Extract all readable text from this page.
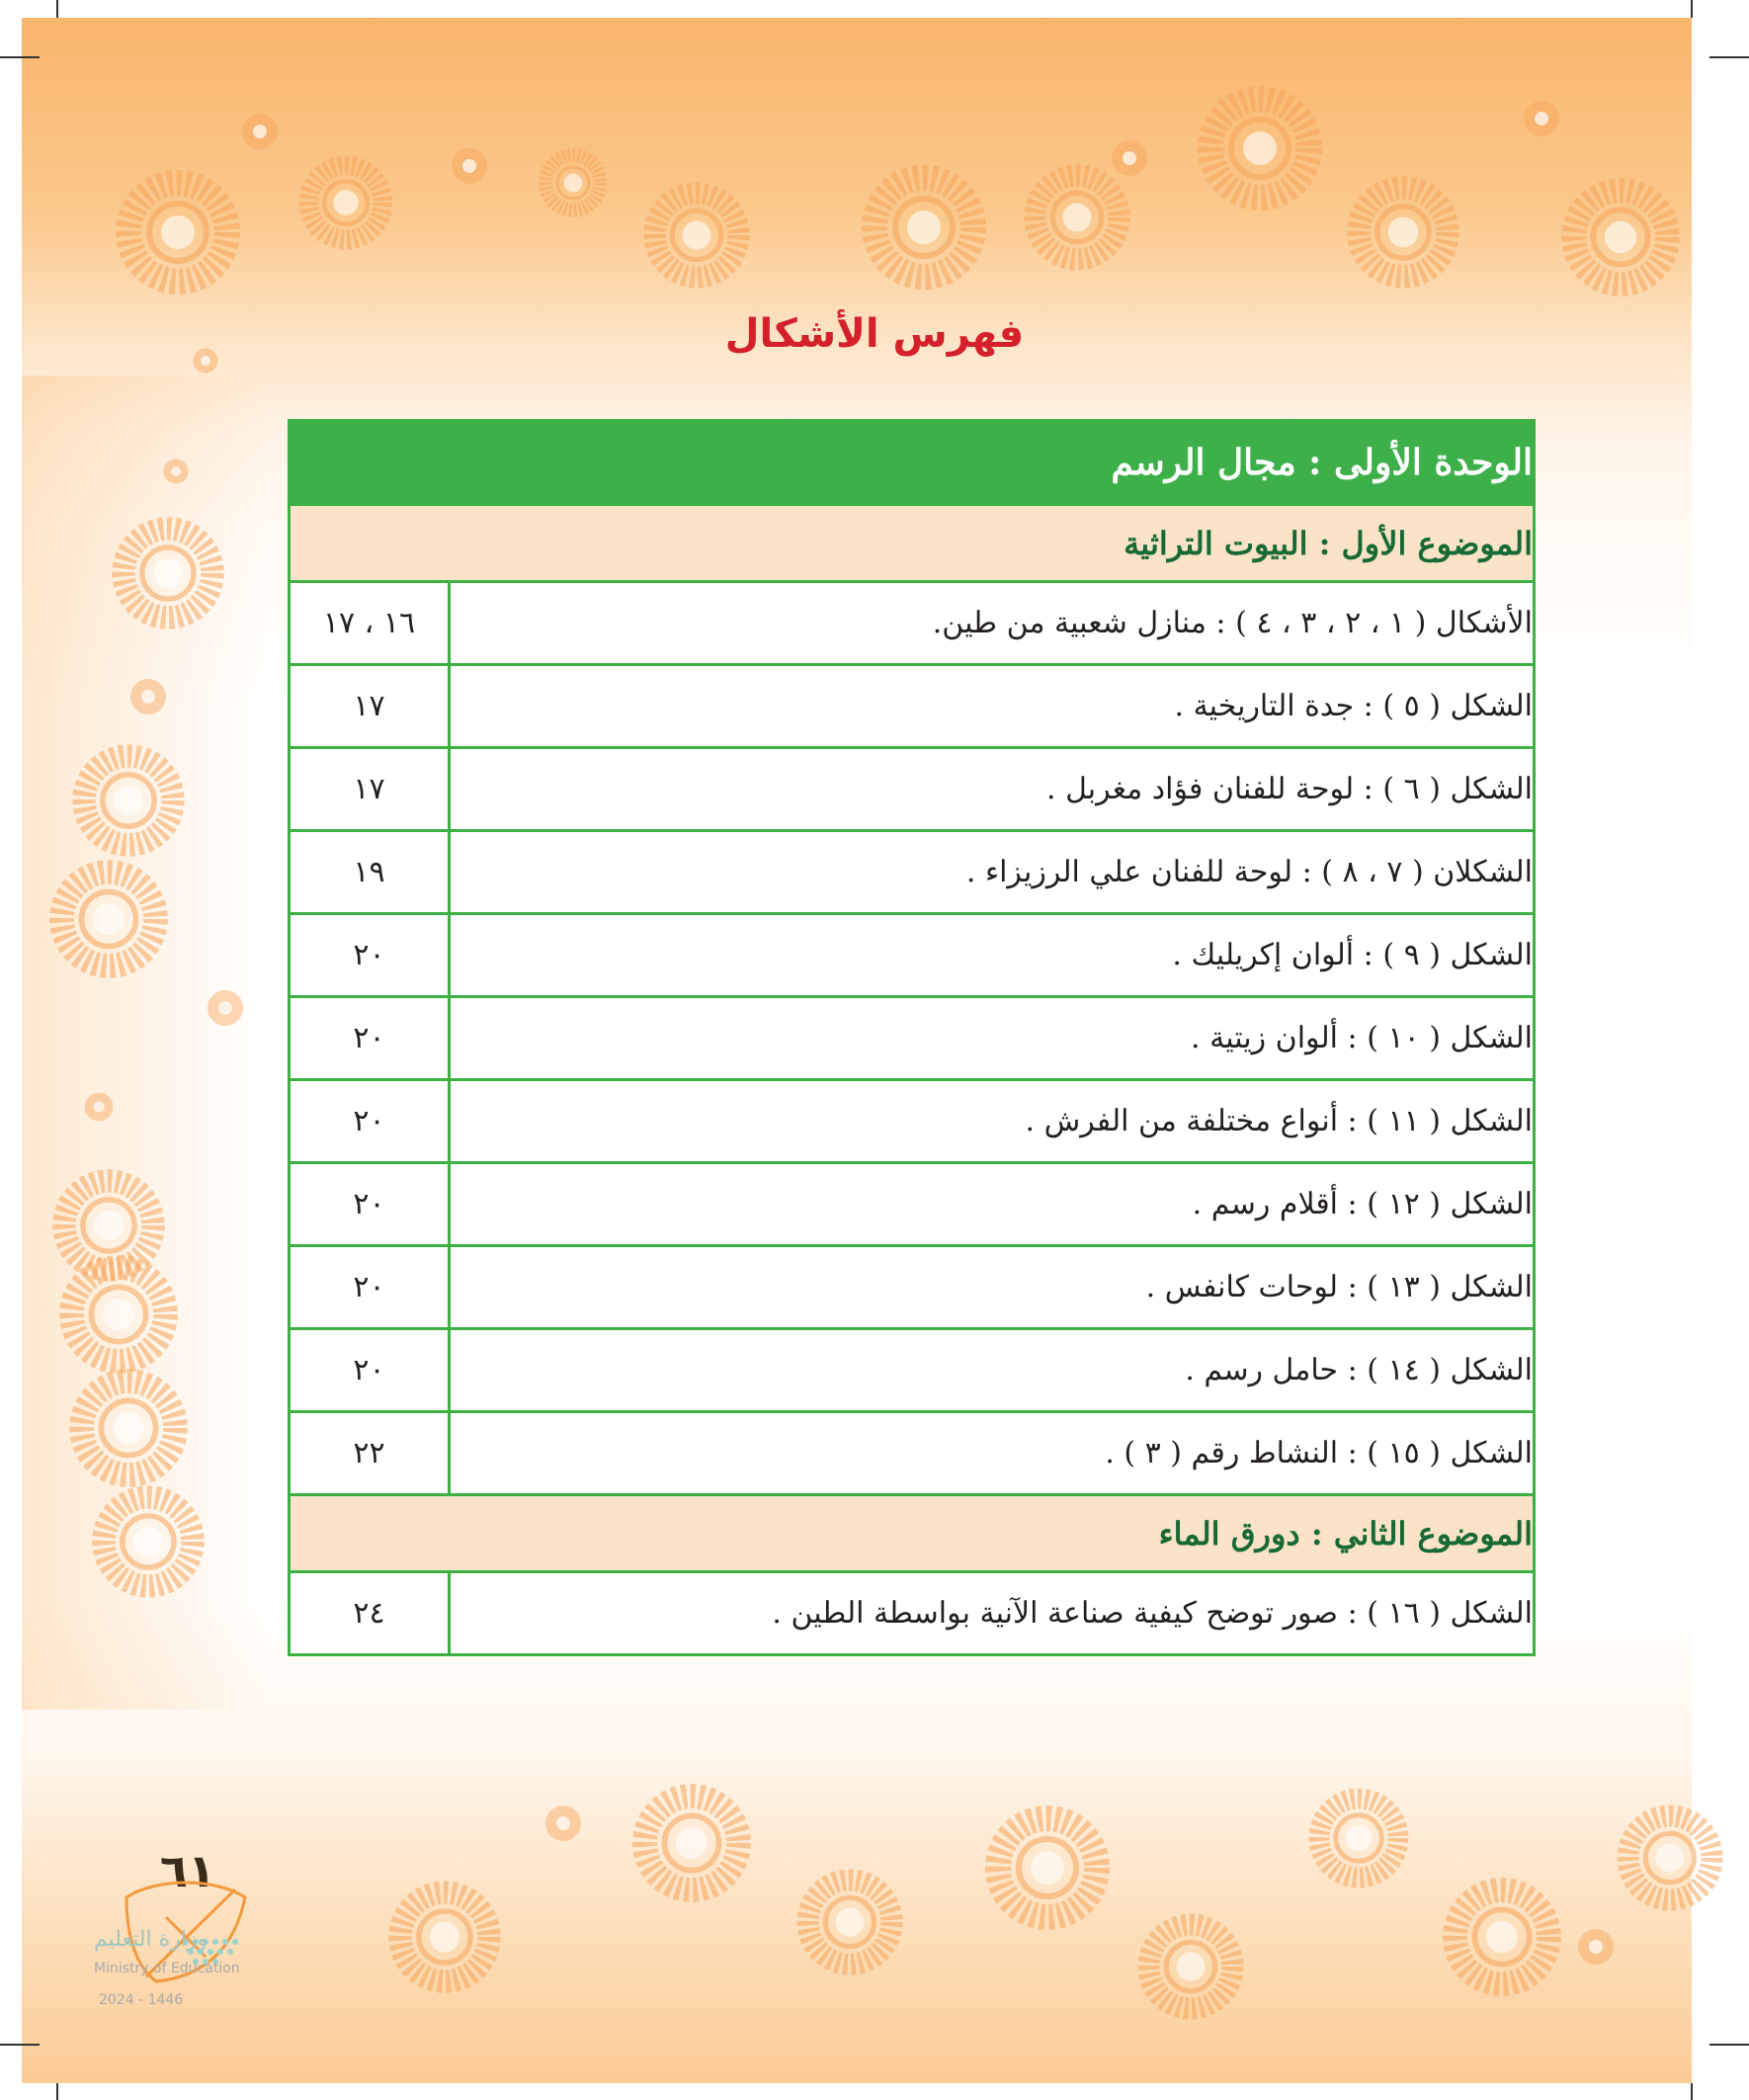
فهرس الأشكال
الوحدة الأولى : مجال الرسم	
الموضوع الأول : البيوت التراثية	
الأشكال ( ١ ، ٢ ، ٣ ، ٤ ) : منازل شعبية من طين.	١٦ ، ١٧
الشكل ( ٥ ) : جدة التاريخية .	١٧
الشكل ( ٦ ) : لوحة للفنان فؤاد مغربل .	١٧
الشكلان ( ٧ ، ٨ ) : لوحة للفنان علي الرزيزاء .	١٩
الشكل ( ٩ ) : ألوان إكريليك .	٢٠
الشكل ( ١٠ ) : ألوان زيتية .	٢٠
الشكل ( ١١ ) : أنواع مختلفة من الفرش .	٢٠
الشكل ( ١٢ ) : أقلام رسم .	٢٠
الشكل ( ١٣ ) : لوحات كانفس .	٢٠
الشكل ( ١٤ ) : حامل رسم .	٢٠
الشكل ( ١٥ ) : النشاط رقم ( ٣ ) .	٢٢
الموضوع الثاني : دورق الماء	
الشكل ( ١٦ ) : صور توضح كيفية صناعة الآنية بواسطة الطين .	٢٤
٦١
وزارة التعليم
Ministry of Education
2024 - 1446
